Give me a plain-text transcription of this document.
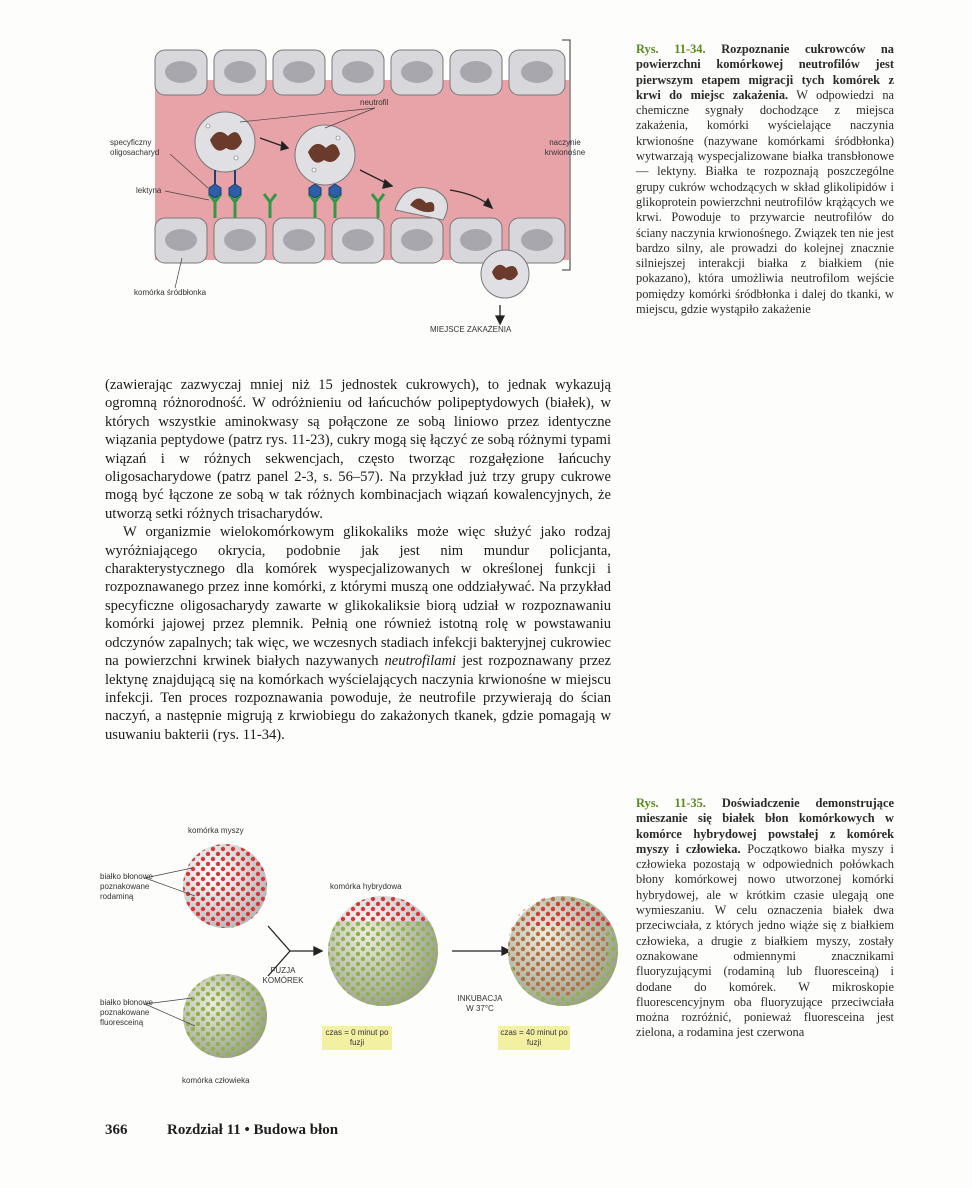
neutrofil
specyficzny oligosacharyd
lektyna
naczynie krwionośne
komórka śródbłonka
MIEJSCE ZAKAŻENIA
Rys. 11-34. Rozpoznanie cukrowców na powierzchni komórkowej neutrofilów jest pierwszym etapem migracji tych komórek z krwi do miejsc zakażenia. W odpowiedzi na chemiczne sygnały dochodzące z miejsca zakażenia, komórki wyścielające naczynia krwionośne (nazywane komórkami śródbłonka) wytwarzają wyspecjalizowane białka transbłonowe — lektyny. Białka te rozpoznają poszczególne grupy cukrów wchodzących w skład glikolipidów i glikoprotein powierzchni neutrofilów krążących we krwi. Powoduje to przywarcie neutrofilów do ściany naczynia krwionośnego. Związek ten nie jest bardzo silny, ale prowadzi do kolejnej znacznie silniejszej interakcji białka z białkiem (nie pokazano), która umożliwia neutrofilom wejście pomiędzy komórki śródbłonka i dalej do tkanki, w miejscu, gdzie wystąpiło zakażenie

(zawierając zazwyczaj mniej niż 15 jednostek cukrowych), to jednak wykazują ogromną różnorodność. W odróżnieniu od łańcuchów polipeptydowych (białek), w których wszystkie aminokwasy są połączone ze sobą liniowo przez identyczne wiązania peptydowe (patrz rys. 11-23), cukry mogą się łączyć ze sobą różnymi typami wiązań i w różnych sekwencjach, często tworząc rozgałęzione łańcuchy oligosacharydowe (patrz panel 2-3, s. 56–57). Na przykład już trzy grupy cukrowe mogą być łączone ze sobą w tak różnych kombinacjach wiązań kowalencyjnych, że utworzą setki różnych trisacharydów.

W organizmie wielokomórkowym glikokaliks może więc służyć jako rodzaj wyróżniającego okrycia, podobnie jak jest nim mundur policjanta, charakterystycznego dla komórek wyspecjalizowanych w określonej funkcji i rozpoznawanego przez inne komórki, z którymi muszą one oddziaływać. Na przykład specyficzne oligosacharydy zawarte w glikokaliksie biorą udział w rozpoznawaniu komórki jajowej przez plemnik. Pełnią one również istotną rolę w powstawaniu odczynów zapalnych; tak więc, we wczesnych stadiach infekcji bakteryjnej cukrowiec na powierzchni krwinek białych nazywanych neutrofilami jest rozpoznawany przez lektynę znajdującą się na komórkach wyścielających naczynia krwionośne w miejscu infekcji. Ten proces rozpoznawania powoduje, że neutrofile przywierają do ścian naczyń, a następnie migrują z krwiobiegu do zakażonych tkanek, gdzie pomagają w usuwaniu bakterii (rys. 11-34).

komórka myszy
białko błonowe poznakowane rodaminą
białko błonowe poznakowane fluoresceiną
komórka człowieka
FUZJA KOMÓREK
komórka hybrydowa
INKUBACJA W 37°C
czas = 0 minut po fuzji
czas = 40 minut po fuzji
Rys. 11-35. Doświadczenie demonstrujące mieszanie się białek błon komórkowych w komórce hybrydowej powstałej z komórek myszy i człowieka. Początkowo białka myszy i człowieka pozostają w odpowiednich połówkach błony komórkowej nowo utworzonej komórki hybrydowej, ale w krótkim czasie ulegają one wymieszaniu. W celu oznaczenia białek dwa przeciwciała, z których jedno wiąże się z białkiem człowieka, a drugie z białkiem myszy, zostały oznakowane odmiennymi znacznikami fluoryzującymi (rodaminą lub fluoresceiną) i dodane do komórek. W mikroskopie fluorescencyjnym oba fluoryzujące przeciwciała można rozróżnić, ponieważ fluoresceina jest zielona, a rodamina jest czerwona
366	Rozdział 11 • Budowa błon
